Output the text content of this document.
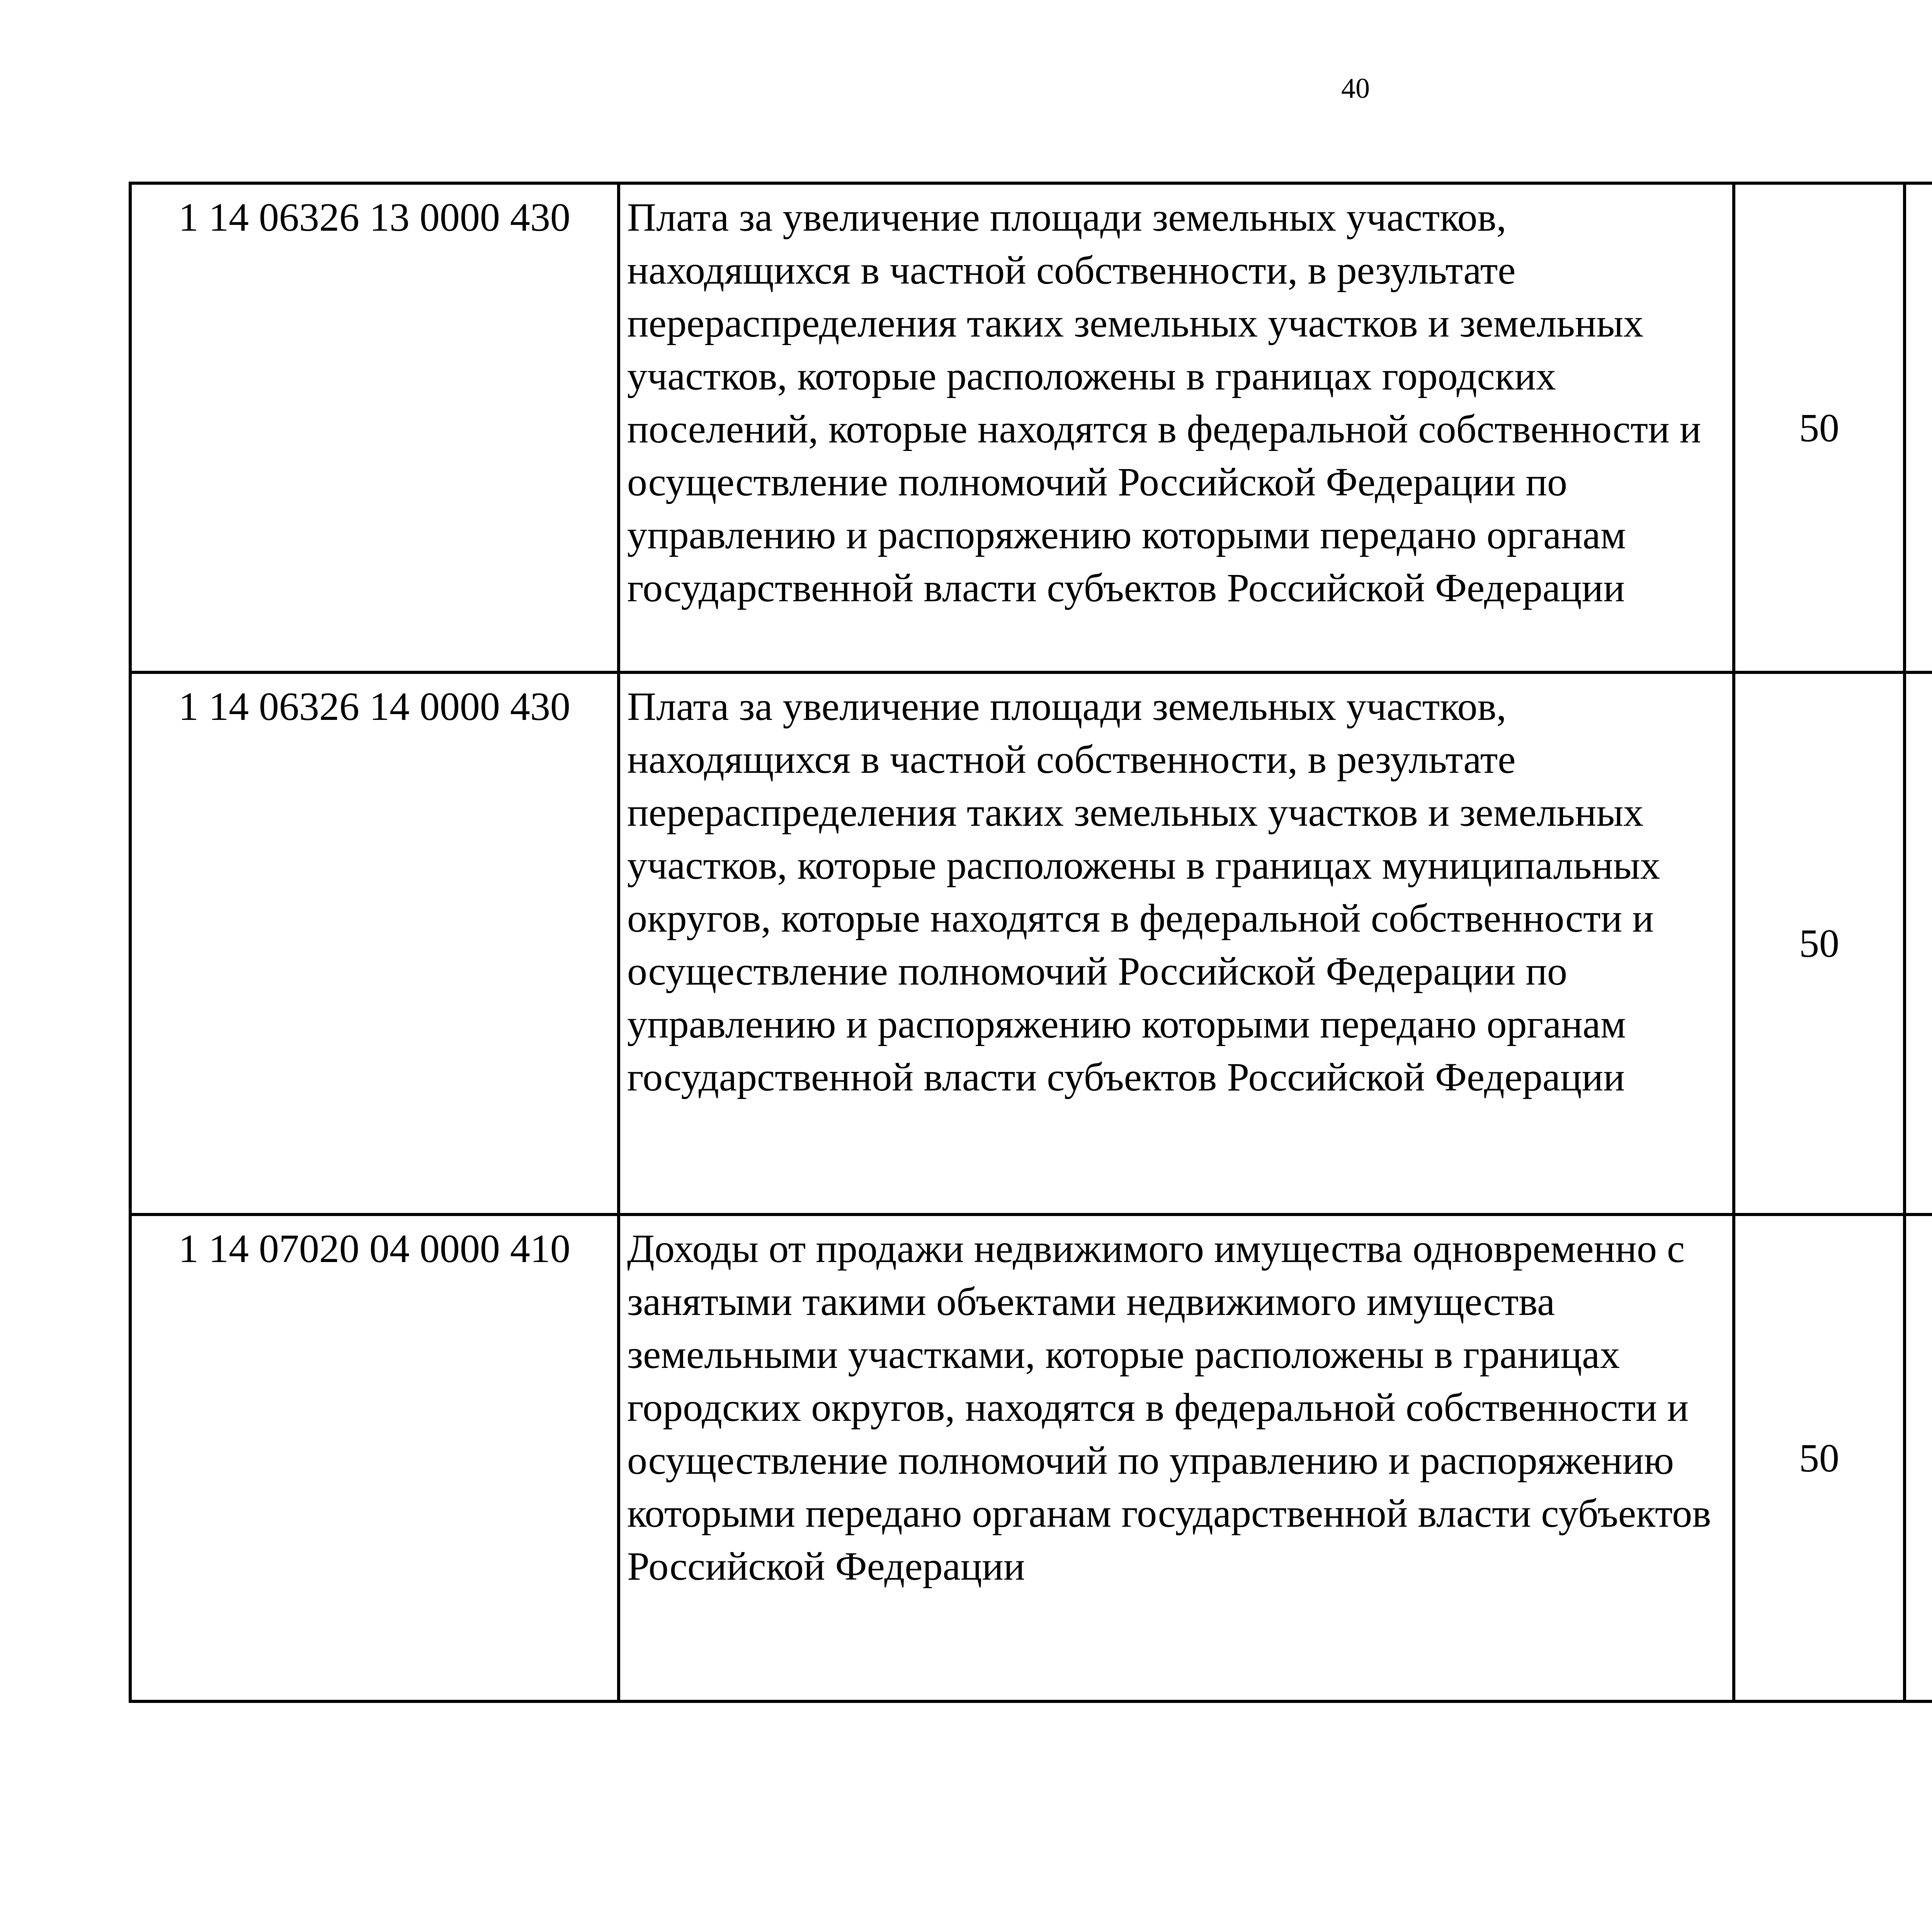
40
1 14 06326 13 0000 430	Плата за увеличение площади земельных участков, находящихся в частной собственности, в результате перераспределения таких земельных участков и земельных участков, которые расположены в границах городских поселений, которые находятся в федеральной собственности и осуществление полномочий Российской Федерации по управлению и распоряжению которыми передано органам государственной власти субъектов Российской Федерации	50				
1 14 06326 14 0000 430	Плата за увеличение площади земельных участков, находящихся в частной собственности, в результате перераспределения таких земельных участков и земельных участков, которые расположены в границах муниципальных округов, которые находятся в федеральной собственности и осуществление полномочий Российской Федерации по управлению и распоряжению которыми передано органам государственной власти субъектов Российской Федерации	50				
1 14 07020 04 0000 410	Доходы от продажи недвижимого имущества одновременно с занятыми такими объектами недвижимого имущества земельными участками, которые расположены в границах городских округов, находятся в федеральной собственности и осуществление полномочий по управлению и распоряжению которыми передано органам государственной власти субъектов Российской Федерации	50				
